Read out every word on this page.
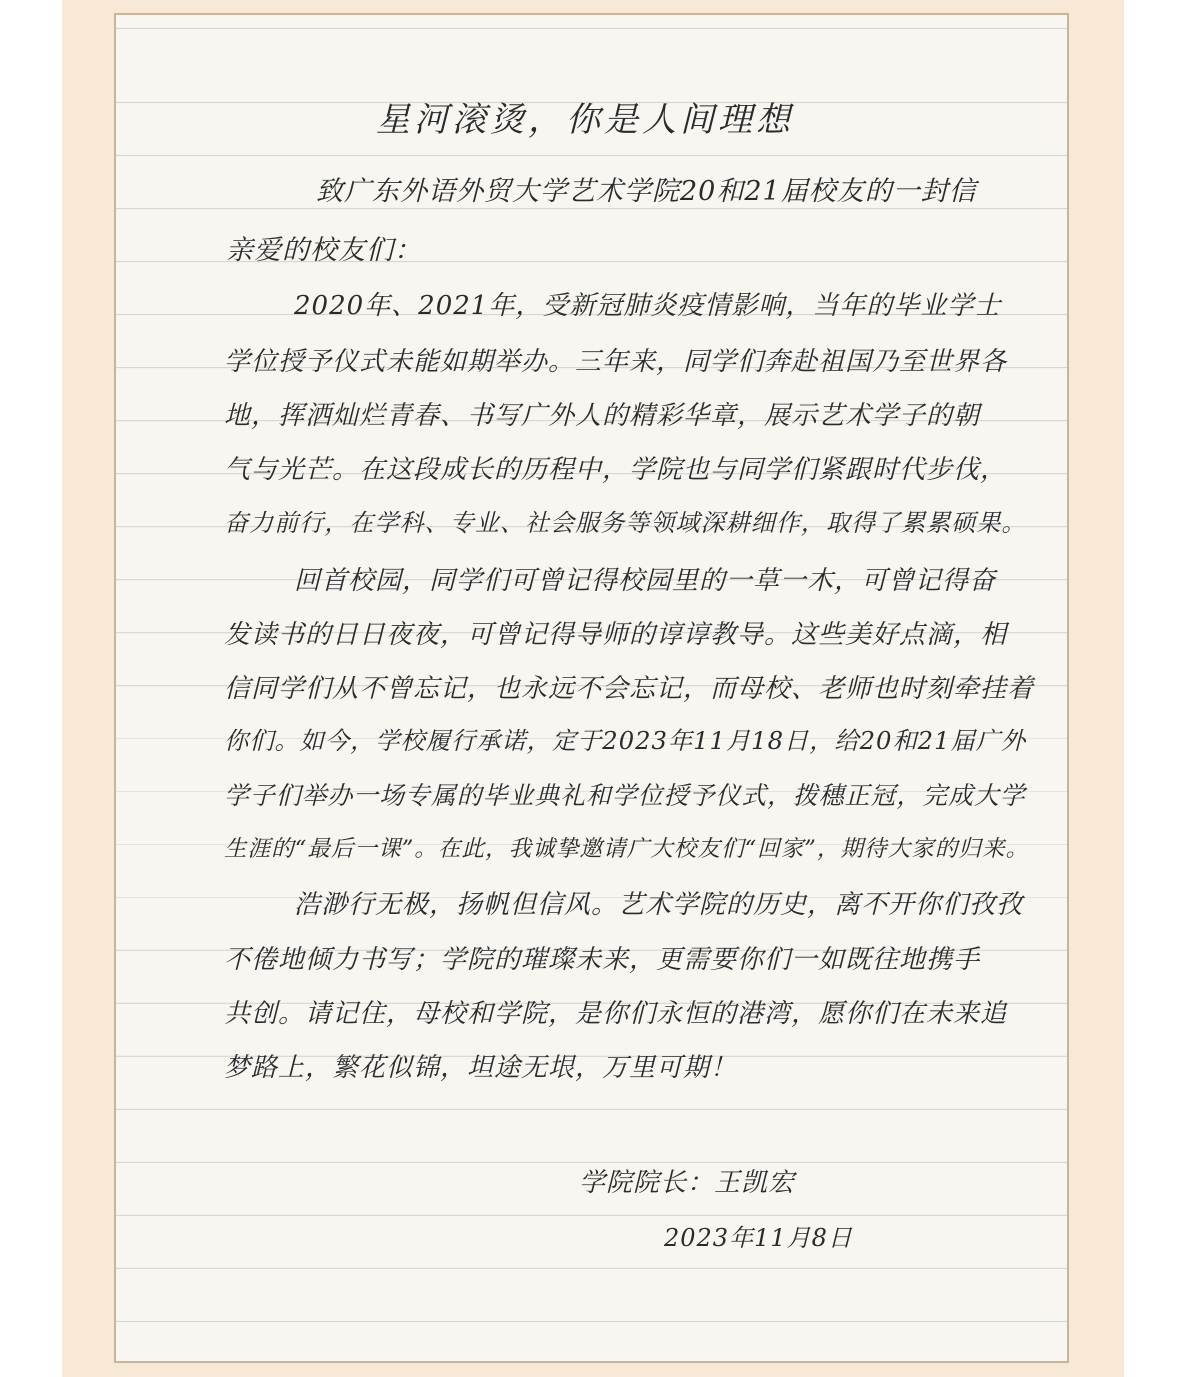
星河滚烫，你是人间理想
致广东外语外贸大学艺术学院20和21届校友的一封信
亲爱的校友们：
2020年、2021年，受新冠肺炎疫情影响，当年的毕业学士
学位授予仪式未能如期举办。三年来，同学们奔赴祖国乃至世界各
地，挥洒灿烂青春、书写广外人的精彩华章，展示艺术学子的朝
气与光芒。在这段成长的历程中，学院也与同学们紧跟时代步伐，
奋力前行，在学科、专业、社会服务等领域深耕细作，取得了累累硕果。
回首校园，同学们可曾记得校园里的一草一木，可曾记得奋
发读书的日日夜夜，可曾记得导师的谆谆教导。这些美好点滴，相
信同学们从不曾忘记，也永远不会忘记，而母校、老师也时刻牵挂着
你们。如今，学校履行承诺，定于2023年11月18日，给20和21届广外
学子们举办一场专属的毕业典礼和学位授予仪式，拨穗正冠，完成大学
生涯的“最后一课”。在此，我诚挚邀请广大校友们“回家”，期待大家的归来。
浩渺行无极，扬帆但信风。艺术学院的历史，离不开你们孜孜
不倦地倾力书写；学院的璀璨未来，更需要你们一如既往地携手
共创。请记住，母校和学院，是你们永恒的港湾，愿你们在未来追
梦路上，繁花似锦，坦途无垠，万里可期！
学院院长：王凯宏
2023年11月8日
